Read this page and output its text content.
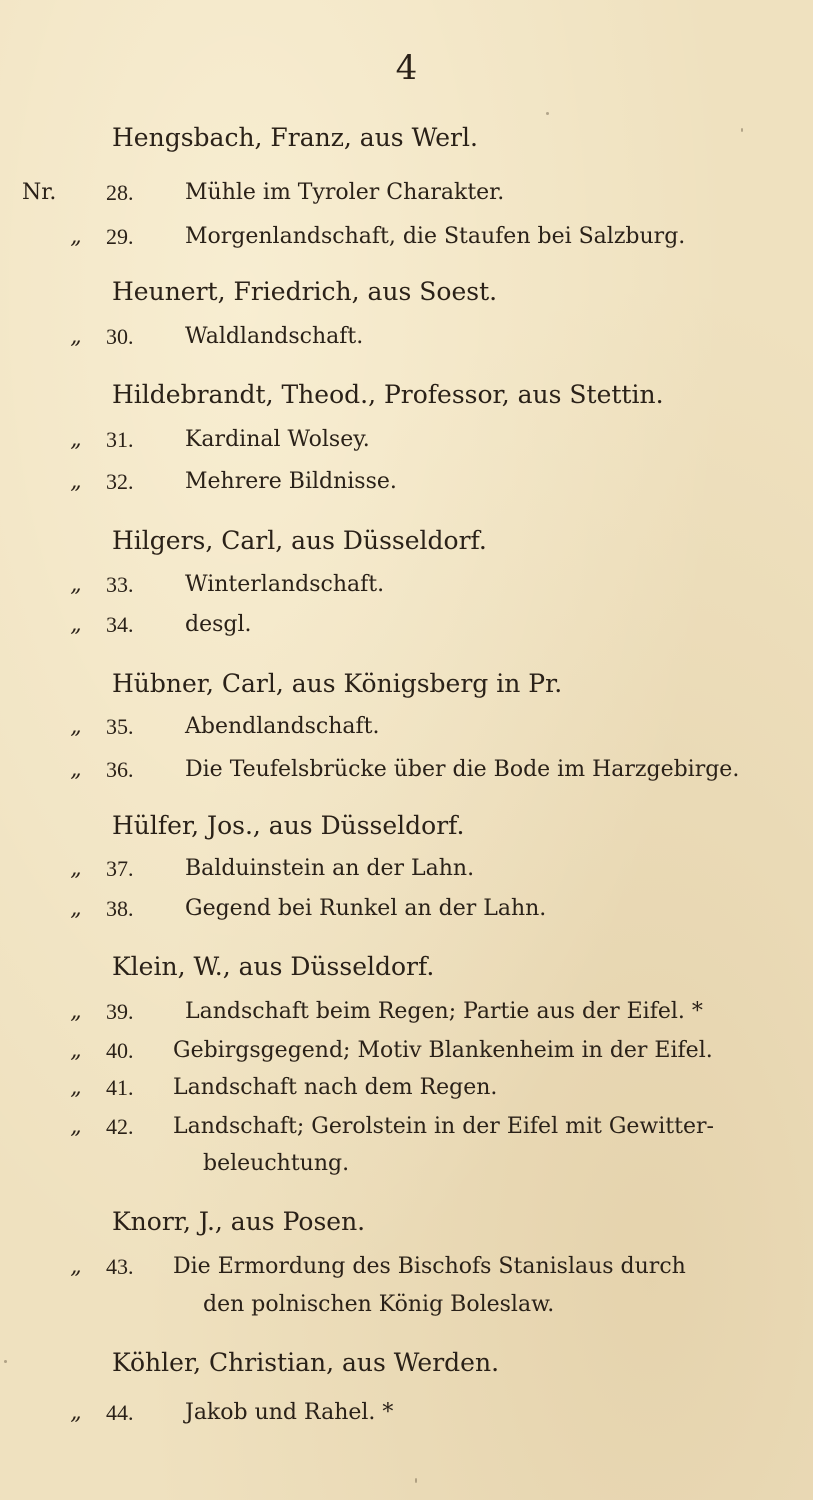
4
Hengsbach, Franz, aus Werl.
Nr.	28. Mühle im Tyroler Charakter.
„	29. Morgenlandschaft, die Staufen bei Salzburg.
Heunert, Friedrich, aus Soest.
„	30. Waldlandschaft.
Hildebrandt, Theod., Professor, aus Stettin.
„	31. Kardinal Wolsey.
„	32. Mehrere Bildnisse.
Hilgers, Carl, aus Düsseldorf.
„	33. Winterlandschaft.
„	34. desgl.
Hübner, Carl, aus Königsberg in Pr.
„	35. Abendlandschaft.
„	36. Die Teufelsbrücke über die Bode im Harzgebirge.
Hülfer, Jos., aus Düsseldorf.
„	37. Balduinstein an der Lahn.
„	38. Gegend bei Runkel an der Lahn.
Klein, W., aus Düsseldorf.
„	39. Landschaft beim Regen; Partie aus der Eifel. *
„	40. Gebirgsgegend; Motiv Blankenheim in der Eifel.
„	41. Landschaft nach dem Regen.
„	42. Landschaft; Gerolstein in der Eifel mit Gewitter-
beleuchtung.
Knorr, J., aus Posen.
„	43. Die Ermordung des Bischofs Stanislaus durch
den polnischen König Boleslaw.
Köhler, Christian, aus Werden.
„	44. Jakob und Rahel. *
